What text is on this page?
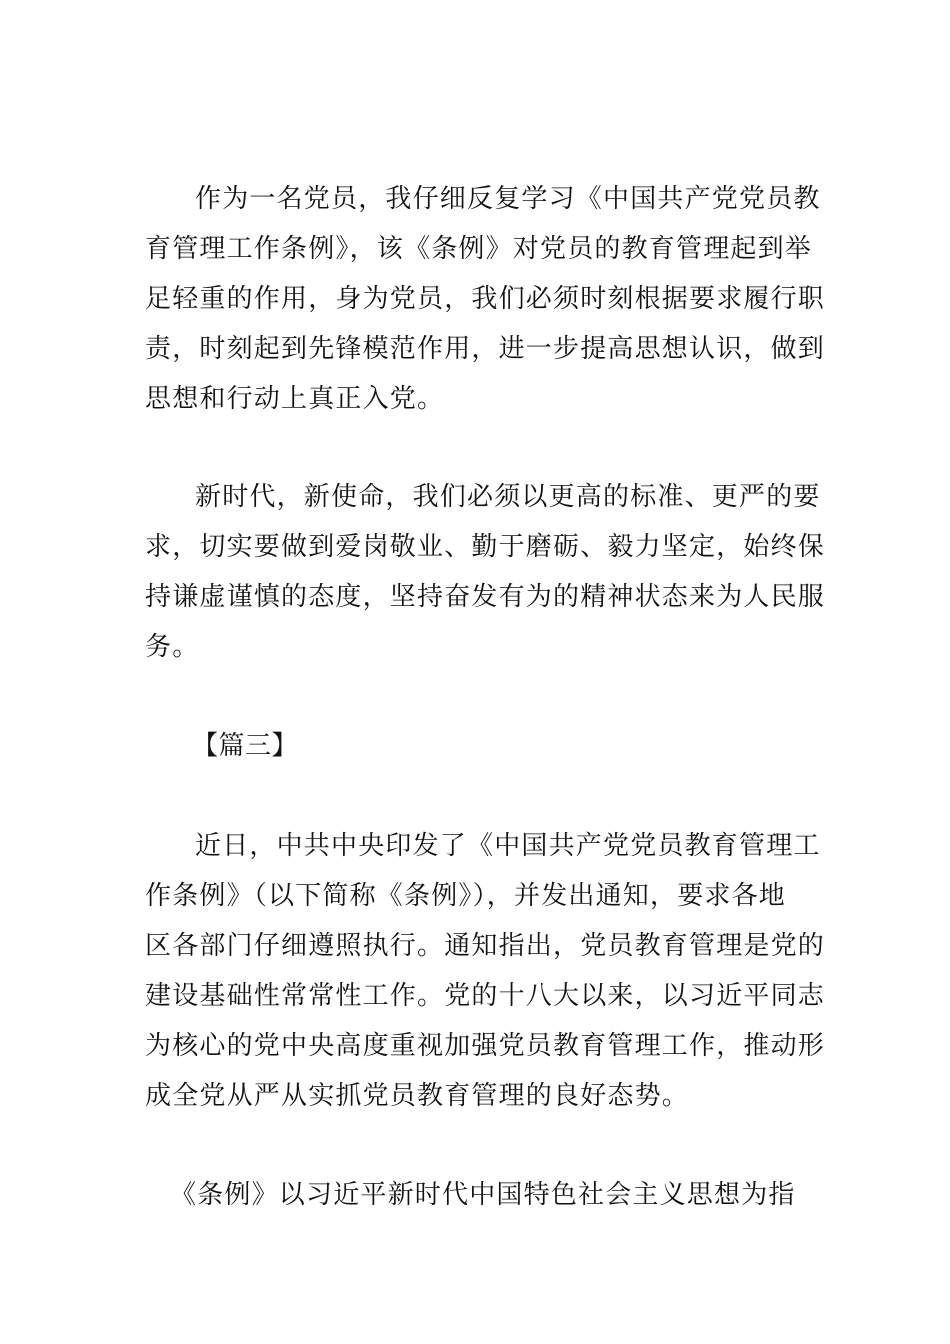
作为一名党员，我仔细反复学习《中国共产党党员教
育管理工作条例》，该《条例》对党员的教育管理起到举
足轻重的作用，身为党员，我们必须时刻根据要求履行职
责，时刻起到先锋模范作用，进一步提高思想认识，做到
思想和行动上真正入党。
新时代，新使命，我们必须以更高的标准、更严的要
求，切实要做到爱岗敬业、勤于磨砺、毅力坚定，始终保
持谦虚谨慎的态度，坚持奋发有为的精神状态来为人民服
务。
【篇三】
近日，中共中央印发了《中国共产党党员教育管理工
作条例》（以下简称《条例》），并发出通知，要求各地
区各部门仔细遵照执行。通知指出，党员教育管理是党的
建设基础性常常性工作。党的十八大以来，以习近平同志
为核心的党中央高度重视加强党员教育管理工作，推动形
成全党从严从实抓党员教育管理的良好态势。
《条例》以习近平新时代中国特色社会主义思想为指
